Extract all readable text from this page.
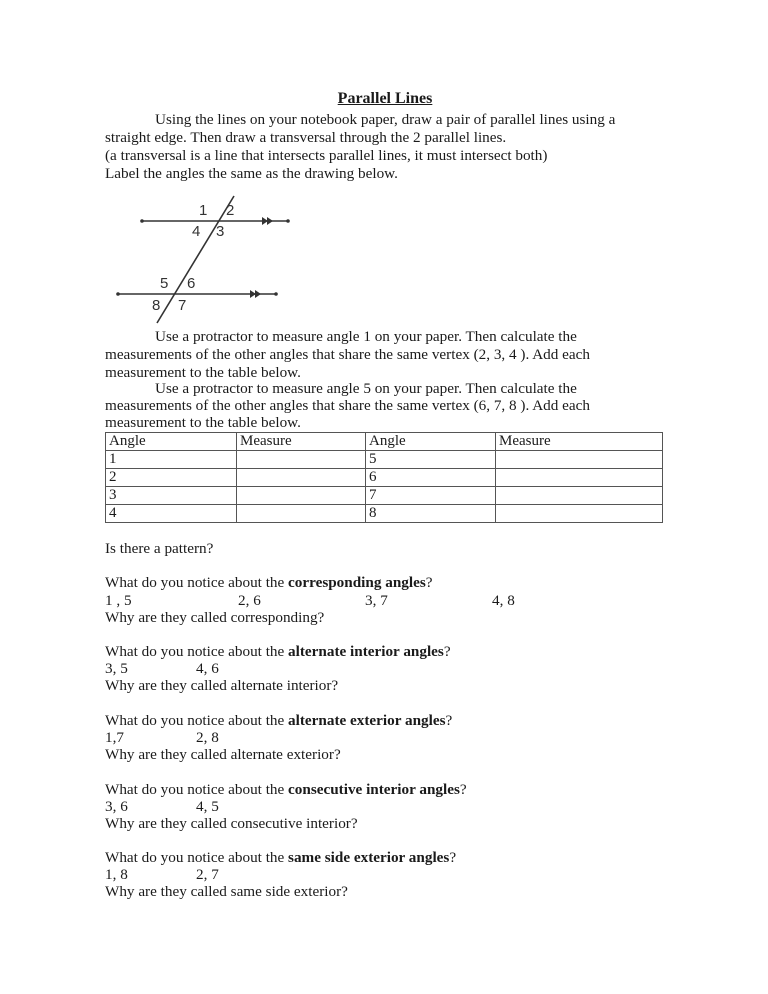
Parallel Lines
Using the lines on your notebook paper, draw a pair of parallel lines using a
straight edge. Then draw a transversal through the 2 parallel lines.
(a transversal is a line that intersects parallel lines, it must intersect both)
Label the angles the same as the drawing below.
1 2
3
4
5 6
7
8
Use a protractor to measure angle 1 on your paper. Then calculate the
measurements of the other angles that share the same vertex (2, 3, 4 ). Add each
measurement to the table below.
Use a protractor to measure angle 5 on your paper. Then calculate the
measurements of the other angles that share the same vertex (6, 7, 8 ). Add each
measurement to the table below.
Angle	Measure	Angle	Measure
1		5	
2		6	
3		7	
4		8	
Is there a pattern?
What do you notice about the corresponding angles?
1 , 5	2, 6	3, 7	4, 8
Why are they called corresponding?
What do you notice about the alternate interior angles?
3, 5	4, 6
Why are they called alternate interior?
What do you notice about the alternate exterior angles?
1,7	2, 8
Why are they called alternate exterior?
What do you notice about the consecutive interior angles?
3, 6	4, 5
Why are they called consecutive interior?
What do you notice about the same side exterior angles?
1, 8	2, 7
Why are they called same side exterior?
